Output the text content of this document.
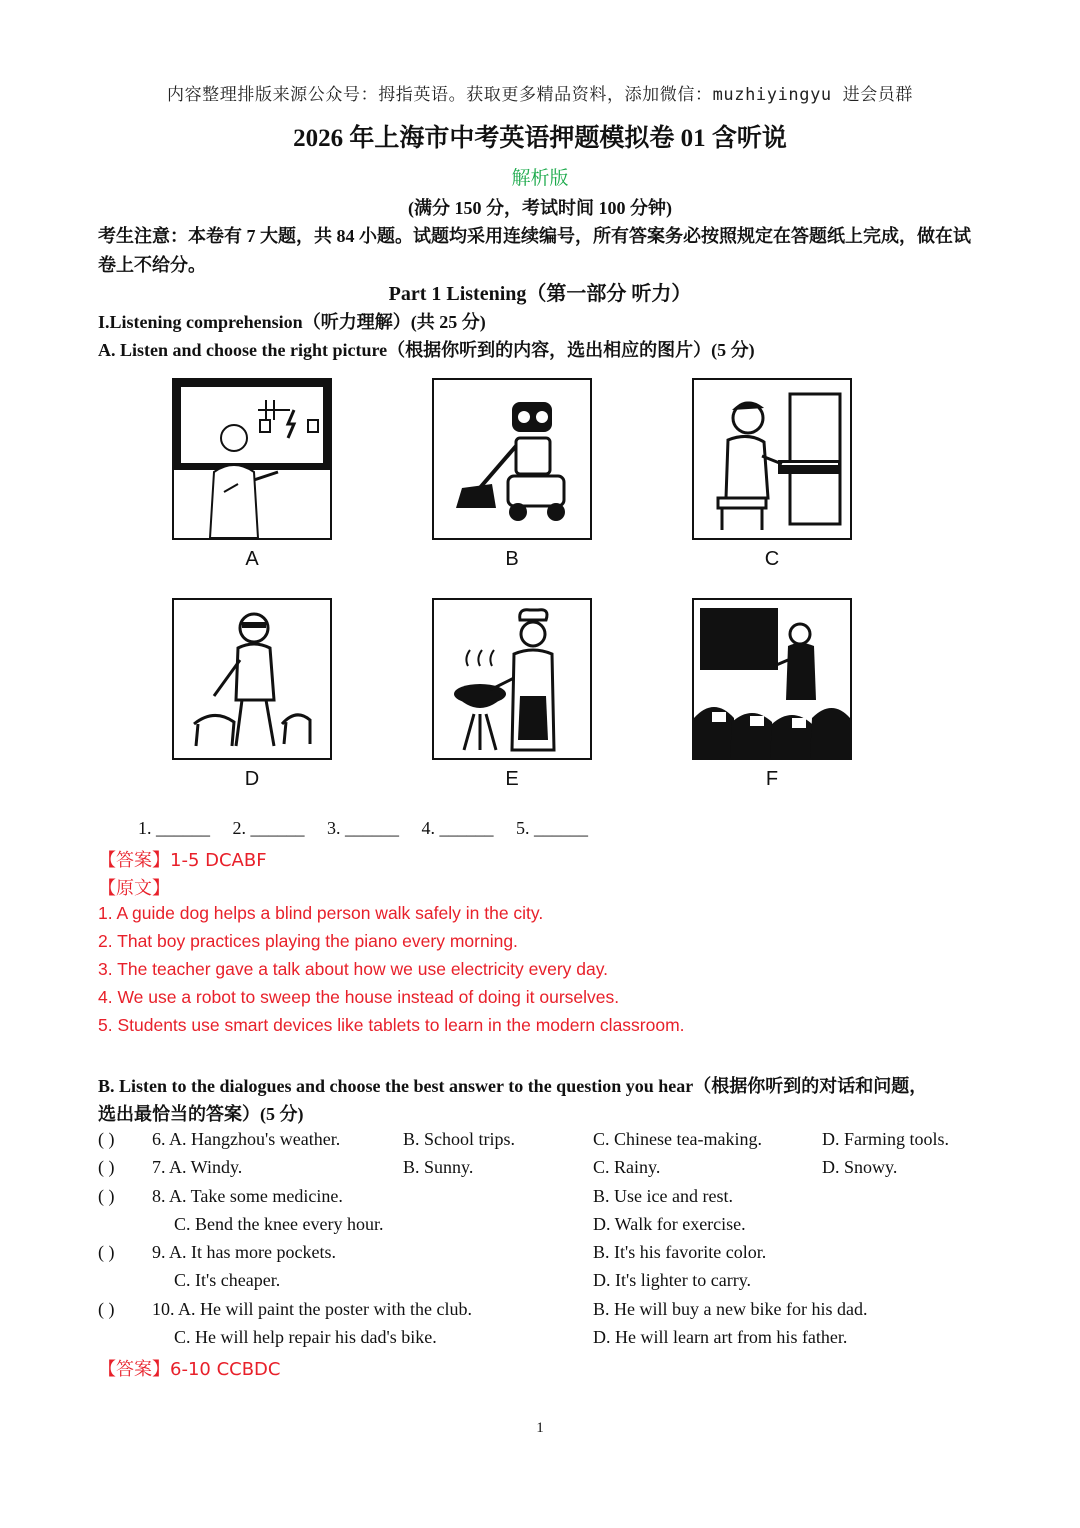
内容整理排版来源公众号：拇指英语。获取更多精品资料，添加微信：muzhiyingyu 进会员群
2026 年上海市中考英语押题模拟卷 01 含听说
解析版
(满分 150 分，考试时间 100 分钟)
考生注意：本卷有 7 大题，共 84 小题。试题均采用连续编号，所有答案务必按照规定在答题纸上完成，做在试卷上不给分。
Part 1 Listening（第一部分 听力）
I.Listening comprehension（听力理解）(共 25 分)
A. Listen and choose the right picture（根据你听到的内容，选出相应的图片）(5 分)
A	B	C
D	E	F
1. ______ 2. ______ 3. ______ 4. ______ 5. ______
【答案】1-5 DCABF
【原文】
1. A guide dog helps a blind person walk safely in the city.
2. That boy practices playing the piano every morning.
3. The teacher gave a talk about how we use electricity every day.
4. We use a robot to sweep the house instead of doing it ourselves.
5. Students use smart devices like tablets to learn in the modern classroom.
B. Listen to the dialogues and choose the best answer to the question you hear（根据你听到的对话和问题，
选出最恰当的答案）(5 分)
( ) 6. A. Hangzhou's weather.	B. School trips.	C. Chinese tea-making.	D. Farming tools.
( ) 7. A. Windy.	B. Sunny.	C. Rainy.	D. Snowy.
( ) 8. A. Take some medicine.	B. Use ice and rest.
C. Bend the knee every hour.	D. Walk for exercise.
( ) 9. A. It has more pockets.	B. It's his favorite color.
C. It's cheaper.	D. It's lighter to carry.
( ) 10. A. He will paint the poster with the club.	B. He will buy a new bike for his dad.
C. He will help repair his dad's bike.	D. He will learn art from his father.
【答案】6-10 CCBDC
1
